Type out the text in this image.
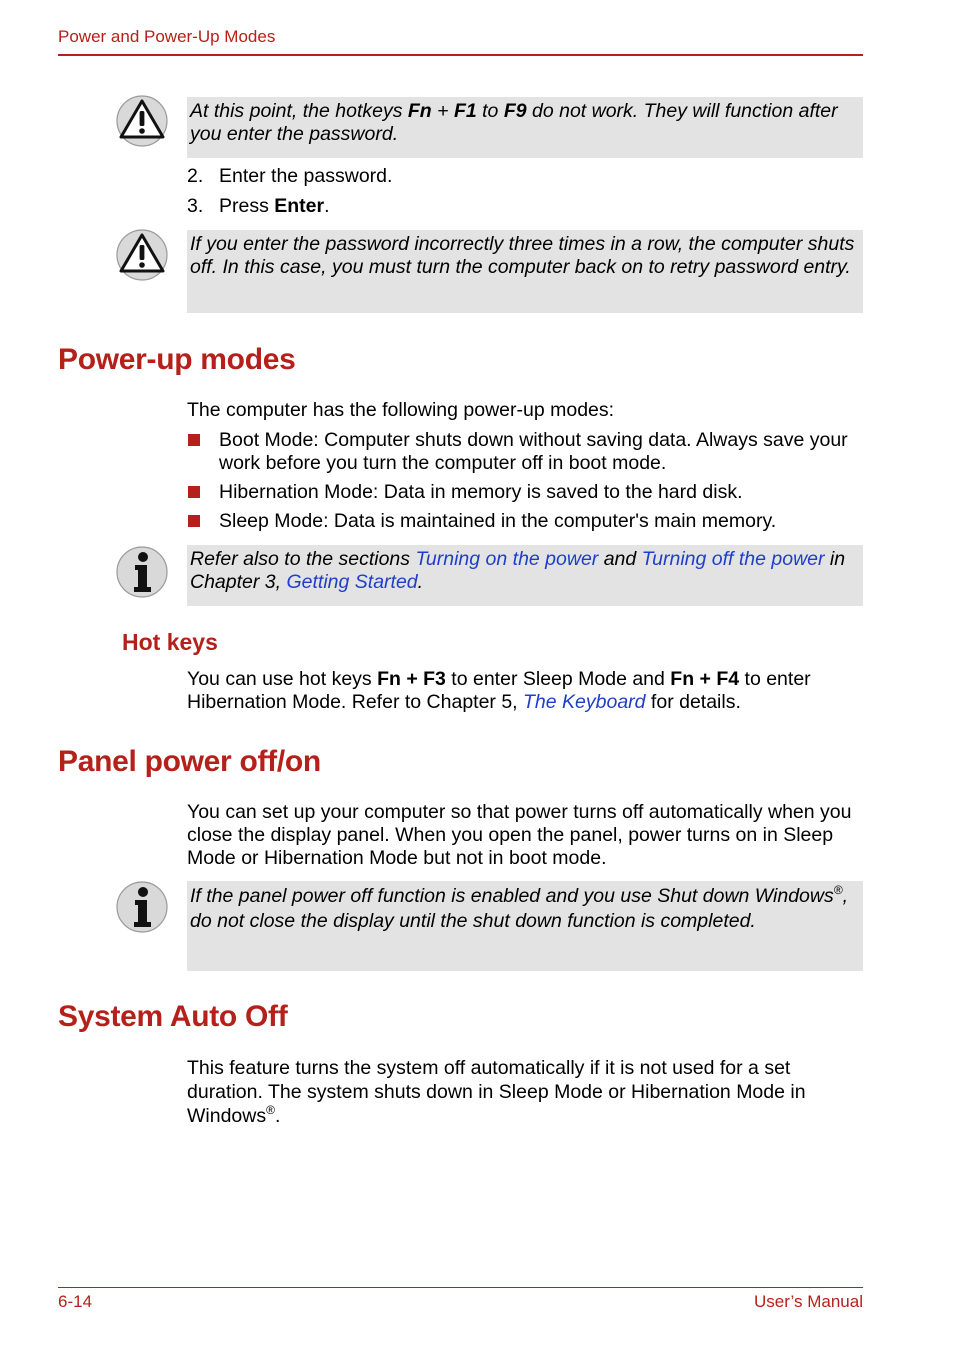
Power and Power-Up Modes
At this point, the hotkeys Fn + F1 to F9 do not work. They will function after you enter the password.
2. Enter the password.
3. Press Enter.
If you enter the password incorrectly three times in a row, the computer shuts off. In this case, you must turn the computer back on to retry password entry.
Power-up modes
The computer has the following power-up modes:
Boot Mode: Computer shuts down without saving data. Always save your work before you turn the computer off in boot mode.
Hibernation Mode: Data in memory is saved to the hard disk.
Sleep Mode: Data is maintained in the computer's main memory.
Refer also to the sections Turning on the power and Turning off the power in Chapter 3, Getting Started.
Hot keys
You can use hot keys Fn + F3 to enter Sleep Mode and Fn + F4 to enter Hibernation Mode. Refer to Chapter 5, The Keyboard for details.
Panel power off/on
You can set up your computer so that power turns off automatically when you close the display panel. When you open the panel, power turns on in Sleep Mode or Hibernation Mode but not in boot mode.
If the panel power off function is enabled and you use Shut down Windows®, do not close the display until the shut down function is completed.
System Auto Off
This feature turns the system off automatically if it is not used for a set duration. The system shuts down in Sleep Mode or Hibernation Mode in Windows®.
6-14	User’s Manual
